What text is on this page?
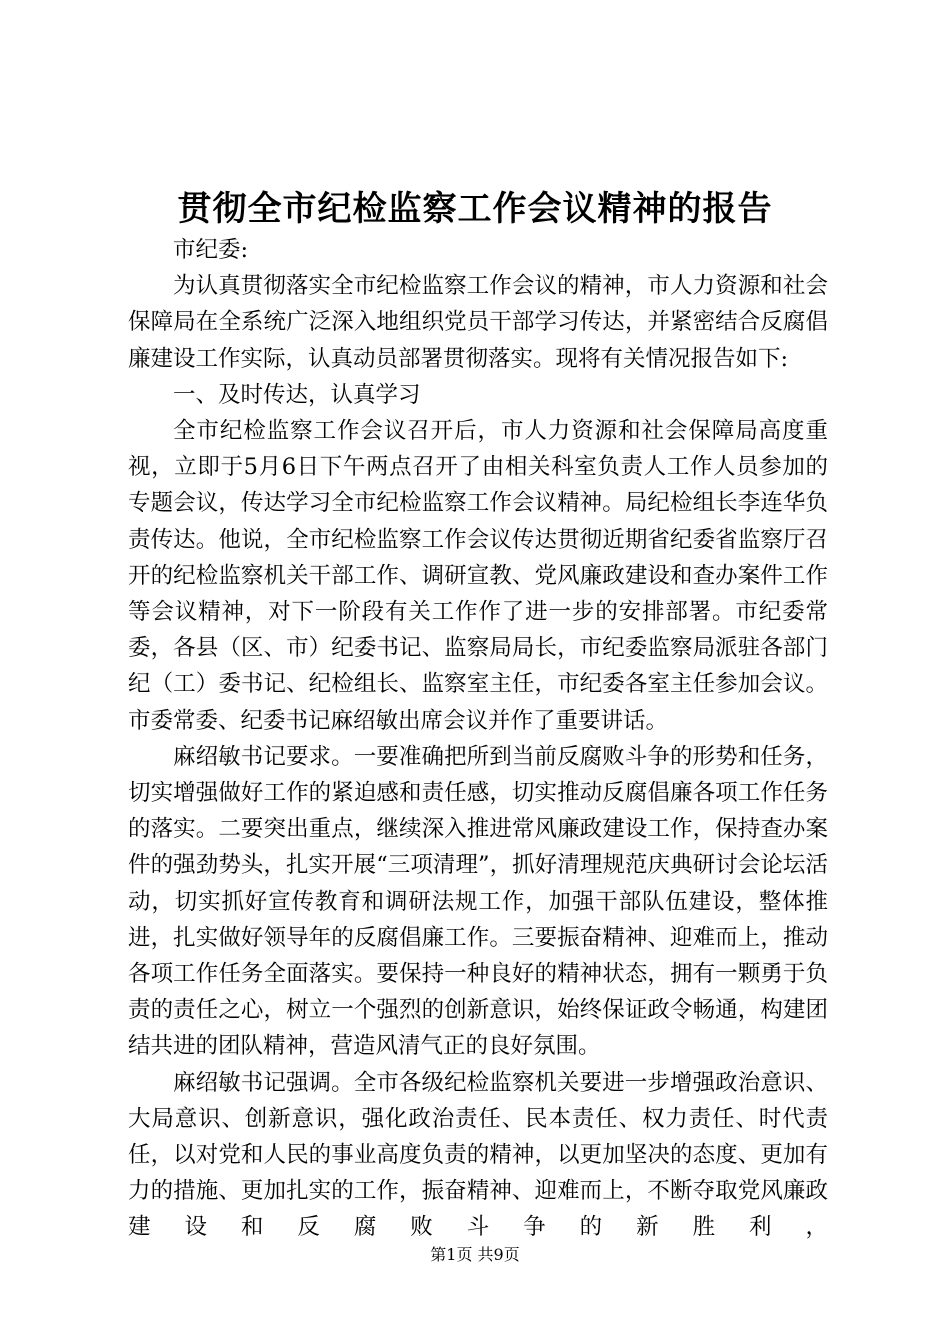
贯彻全市纪检监察工作会议精神的报告

市纪委:

为认真贯彻落实全市纪检监察工作会议的精神，市人力资源和社会保障局在全系统广泛深入地组织党员干部学习传达，并紧密结合反腐倡廉建设工作实际，认真动员部署贯彻落实。现将有关情况报告如下:

一、及时传达，认真学习

全市纪检监察工作会议召开后，市人力资源和社会保障局高度重视，立即于5月6日下午两点召开了由相关科室负责人工作人员参加的专题会议，传达学习全市纪检监察工作会议精神。局纪检组长李连华负责传达。他说，全市纪检监察工作会议传达贯彻近期省纪委省监察厅召开的纪检监察机关干部工作、调研宣教、党风廉政建设和查办案件工作等会议精神，对下一阶段有关工作作了进一步的安排部署。市纪委常委，各县（区、市）纪委书记、监察局局长，市纪委监察局派驻各部门纪（工）委书记、纪检组长、监察室主任，市纪委各室主任参加会议。市委常委、纪委书记麻绍敏出席会议并作了重要讲话。

麻绍敏书记要求。一要准确把所到当前反腐败斗争的形势和任务，切实增强做好工作的紧迫感和责任感，切实推动反腐倡廉各项工作任务的落实。二要突出重点，继续深入推进常风廉政建设工作，保持查办案件的强劲势头，扎实开展“三项清理”，抓好清理规范庆典研讨会论坛活动，切实抓好宣传教育和调研法规工作，加强干部队伍建设，整体推进，扎实做好领导年的反腐倡廉工作。三要振奋精神、迎难而上，推动各项工作任务全面落实。要保持一种良好的精神状态，拥有一颗勇于负责的责任之心，树立一个强烈的创新意识，始终保证政令畅通，构建团结共进的团队精神，营造风清气正的良好氛围。

麻绍敏书记强调。全市各级纪检监察机关要进一步增强政治意识、大局意识、创新意识，强化政治责任、民本责任、权力责任、时代责任，以对党和人民的事业高度负责的精神，以更加坚决的态度、更加有力的措施、更加扎实的工作，振奋精神、迎难而上，不断夺取党风廉政建设和反腐败斗争的新胜利，

第1页 共9页
